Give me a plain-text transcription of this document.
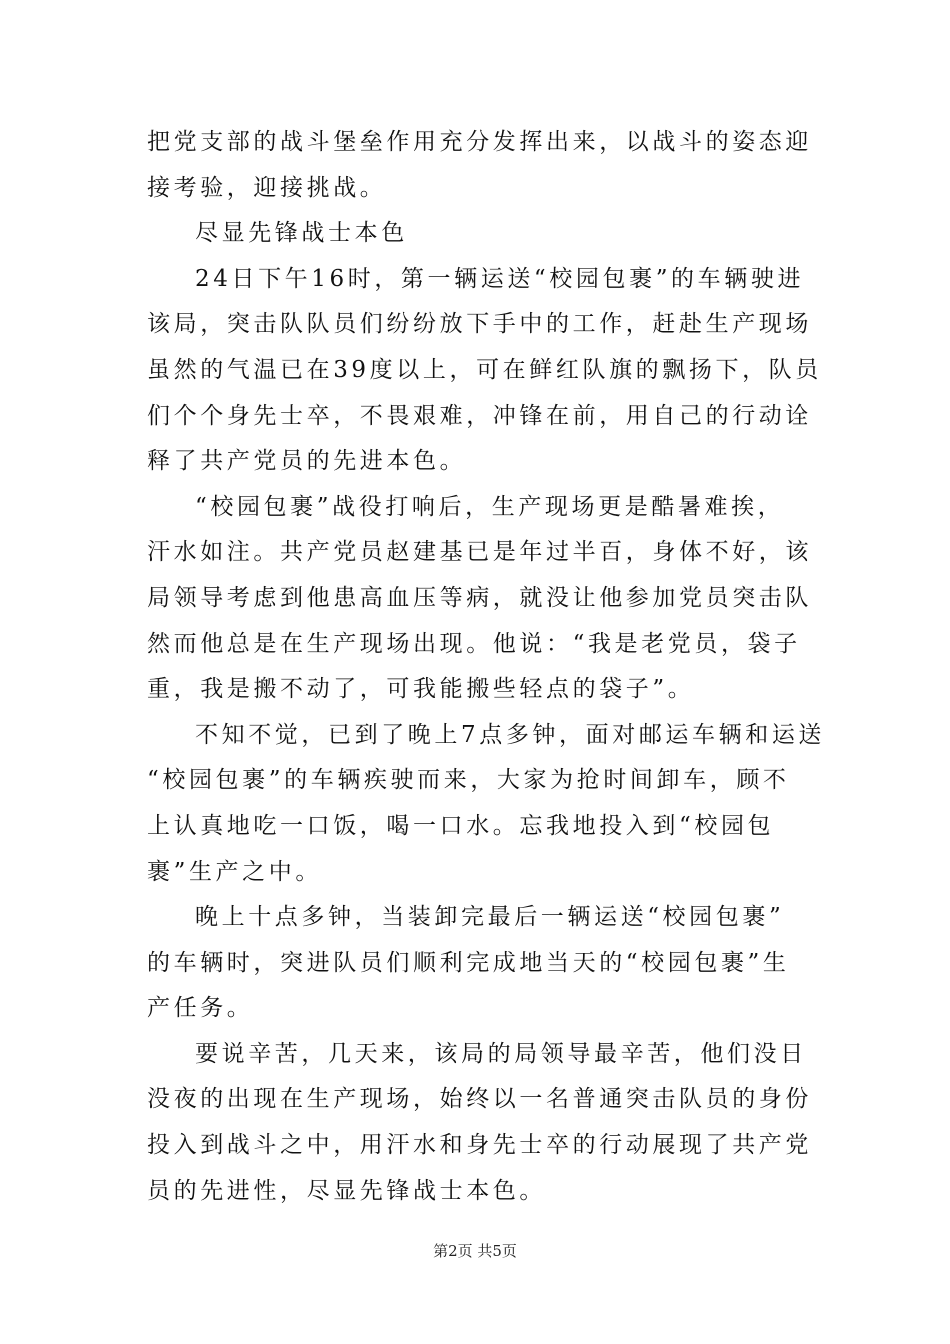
把党支部的战斗堡垒作用充分发挥出来，以战斗的姿态迎
接考验，迎接挑战。
尽显先锋战士本色
24日下午16时，第一辆运送“校园包裹”的车辆驶进
该局，突击队队员们纷纷放下手中的工作，赶赴生产现场
虽然的气温已在39度以上，可在鲜红队旗的飘扬下，队员
们个个身先士卒，不畏艰难，冲锋在前，用自己的行动诠
释了共产党员的先进本色。
“校园包裹”战役打响后，生产现场更是酷暑难挨，
汗水如注。共产党员赵建基已是年过半百，身体不好，该
局领导考虑到他患高血压等病，就没让他参加党员突击队
然而他总是在生产现场出现。他说：“我是老党员，袋子
重，我是搬不动了，可我能搬些轻点的袋子”。
不知不觉，已到了晚上7点多钟，面对邮运车辆和运送
“校园包裹”的车辆疾驶而来，大家为抢时间卸车，顾不
上认真地吃一口饭，喝一口水。忘我地投入到“校园包
裹”生产之中。
晚上十点多钟，当装卸完最后一辆运送“校园包裹”
的车辆时，突进队员们顺利完成地当天的“校园包裹”生
产任务。
要说辛苦，几天来，该局的局领导最辛苦，他们没日
没夜的出现在生产现场，始终以一名普通突击队员的身份
投入到战斗之中，用汗水和身先士卒的行动展现了共产党
员的先进性，尽显先锋战士本色。
第2页 共5页
